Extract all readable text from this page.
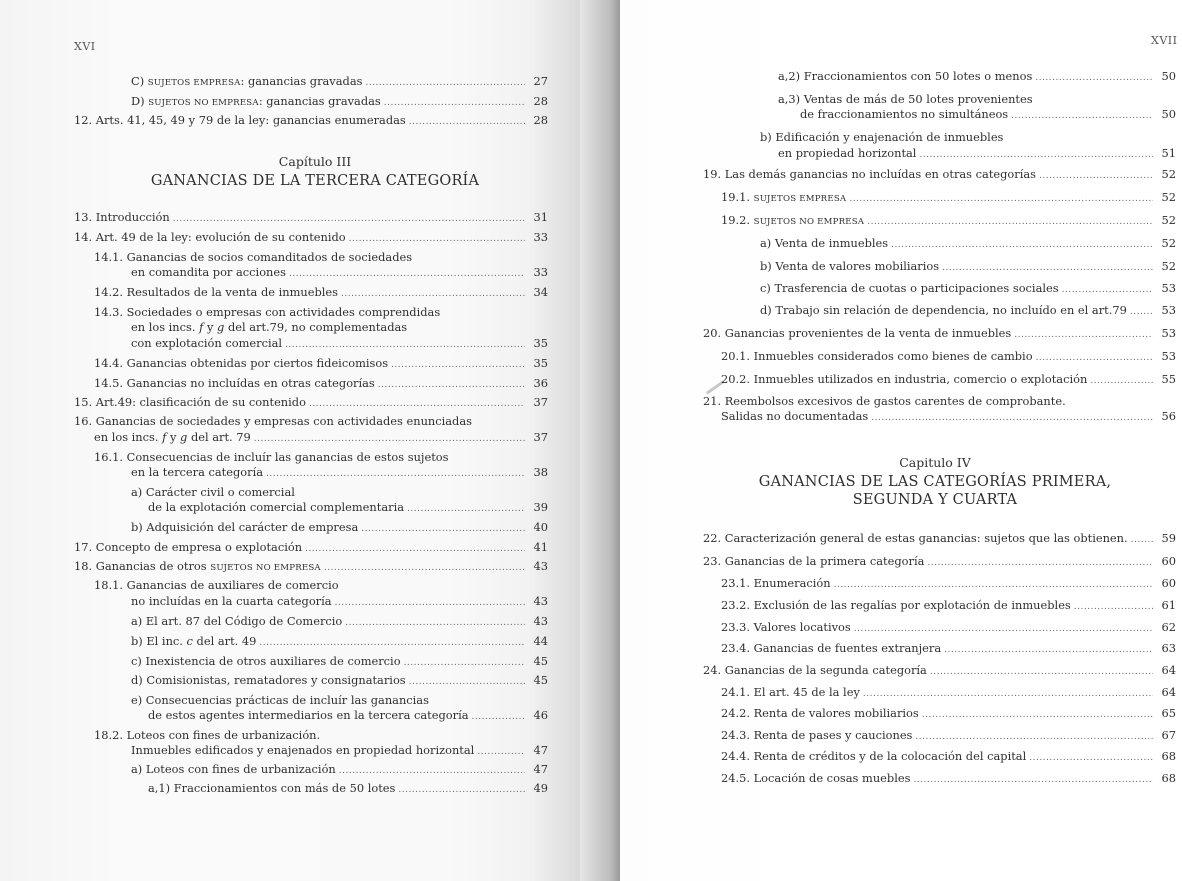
XVI	XVII
Capítulo III
GANANCIAS DE LA TERCERA CATEGORÍA
Capitulo IV
GANANCIAS DE LAS CATEGORÍAS PRIMERA,
SEGUNDA Y CUARTA
C) SUJETOS EMPRESA: ganancias gravadas .....	27
D) SUJETOS NO EMPRESA: ganancias gravadas .....	28
12. Arts. 41, 45, 49 y 79 de la ley: ganancias enumeradas .....	28
13. Introducción .....	31
14. Art. 49 de la ley: evolución de su contenido .....	33
14.1. Ganancias de socios comanditados de sociedades
en comandita por acciones .....	33
14.2. Resultados de la venta de inmuebles .....	34
14.3. Sociedades o empresas con actividades comprendidas
en los incs. f y g del art.79, no complementadas
con explotación comercial .....	35
14.4. Ganancias obtenidas por ciertos fideicomisos .....	35
14.5. Ganancias no incluídas en otras categorías .....	36
15. Art.49: clasificación de su contenido .....	37
16. Ganancias de sociedades y empresas con actividades enunciadas
en los incs. f y g del art. 79 .....	37
16.1. Consecuencias de incluír las ganancias de estos sujetos
en la tercera categoría .....	38
a) Carácter civil o comercial
de la explotación comercial complementaria .....	39
b) Adquisición del carácter de empresa .....	40
17. Concepto de empresa o explotación .....	41
18. Ganancias de otros SUJETOS NO EMPRESA .....	43
18.1. Ganancias de auxiliares de comercio
no incluídas en la cuarta categoría .....	43
a) El art. 87 del Código de Comercio .....	43
b) El inc. c del art. 49 .....	44
c) Inexistencia de otros auxiliares de comercio .....	45
d) Comisionistas, rematadores y consignatarios .....	45
e) Consecuencias prácticas de incluír las ganancias
de estos agentes intermediarios en la tercera categoría .....	46
18.2. Loteos con fines de urbanización.
Inmuebles edificados y enajenados en propiedad horizontal .....	47
a) Loteos con fines de urbanización .....	47
a,1) Fraccionamientos con más de 50 lotes .....	49
a,2) Fraccionamientos con 50 lotes o menos .....	50
a,3) Ventas de más de 50 lotes provenientes
de fraccionamientos no simultáneos .....	50
b) Edificación y enajenación de inmuebles
en propiedad horizontal .....	51
19. Las demás ganancias no incluídas en otras categorías .....	52
19.1. SUJETOS EMPRESA .....	52
19.2. SUJETOS NO EMPRESA .....	52
a) Venta de inmuebles .....	52
b) Venta de valores mobiliarios .....	52
c) Trasferencia de cuotas o participaciones sociales .....	53
d) Trabajo sin relación de dependencia, no incluído en el art.79 .....	53
20. Ganancias provenientes de la venta de inmuebles .....	53
20.1. Inmuebles considerados como bienes de cambio .....	53
20.2. Inmuebles utilizados en industria, comercio o explotación .....	55
21. Reembolsos excesivos de gastos carentes de comprobante.
Salidas no documentadas .....	56
22. Caracterización general de estas ganancias: sujetos que las obtienen. .....	59
23. Ganancias de la primera categoría .....	60
23.1. Enumeración .....	60
23.2. Exclusión de las regalías por explotación de inmuebles .....	61
23.3. Valores locativos .....	62
23.4. Ganancias de fuentes extranjera .....	63
24. Ganancias de la segunda categoría .....	64
24.1. El art. 45 de la ley .....	64
24.2. Renta de valores mobiliarios .....	65
24.3. Renta de pases y cauciones .....	67
24.4. Renta de créditos y de la colocación del capital .....	68
24.5. Locación de cosas muebles .....	68
